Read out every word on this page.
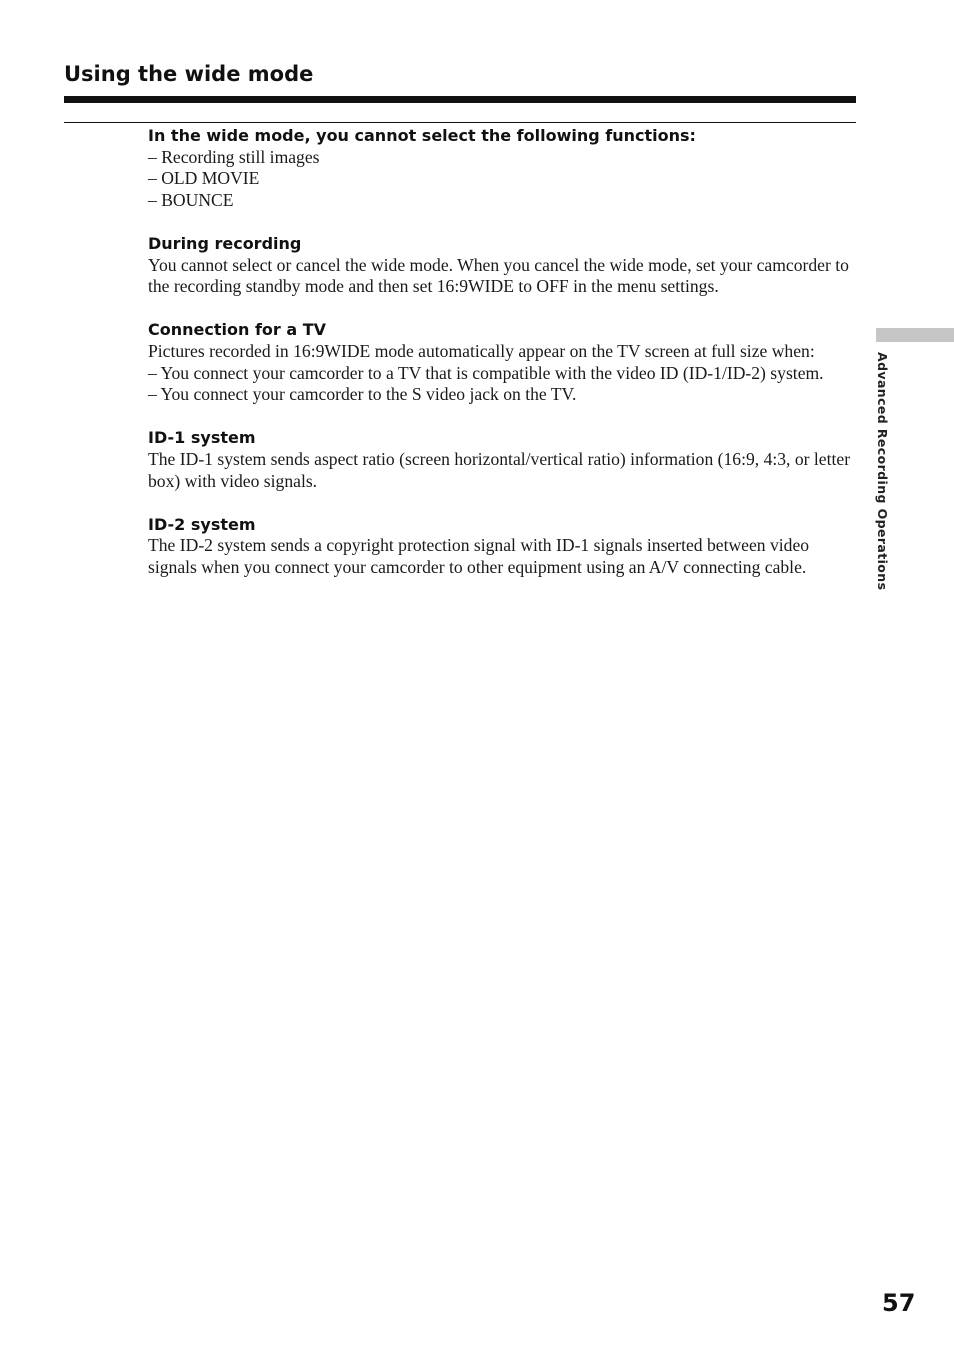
Using the wide mode

In the wide mode, you cannot select the following functions:

– Recording still images
– OLD MOVIE
– BOUNCE

During recording

You cannot select or cancel the wide mode. When you cancel the wide mode, set your camcorder to the recording standby mode and then set 16:9WIDE to OFF in the menu settings.

Connection for a TV

Pictures recorded in 16:9WIDE mode automatically appear on the TV screen at full size when:

– You connect your camcorder to a TV that is compatible with the video ID (ID-1/ID-2) system.
– You connect your camcorder to the S video jack on the TV.

ID-1 system

The ID-1 system sends aspect ratio (screen horizontal/vertical ratio) information (16:9, 4:3, or letter box) with video signals.

ID-2 system

The ID-2 system sends a copyright protection signal with ID-1 signals inserted between video signals when you connect your camcorder to other equipment using an A/V connecting cable.	Advanced Recording Operations
57
